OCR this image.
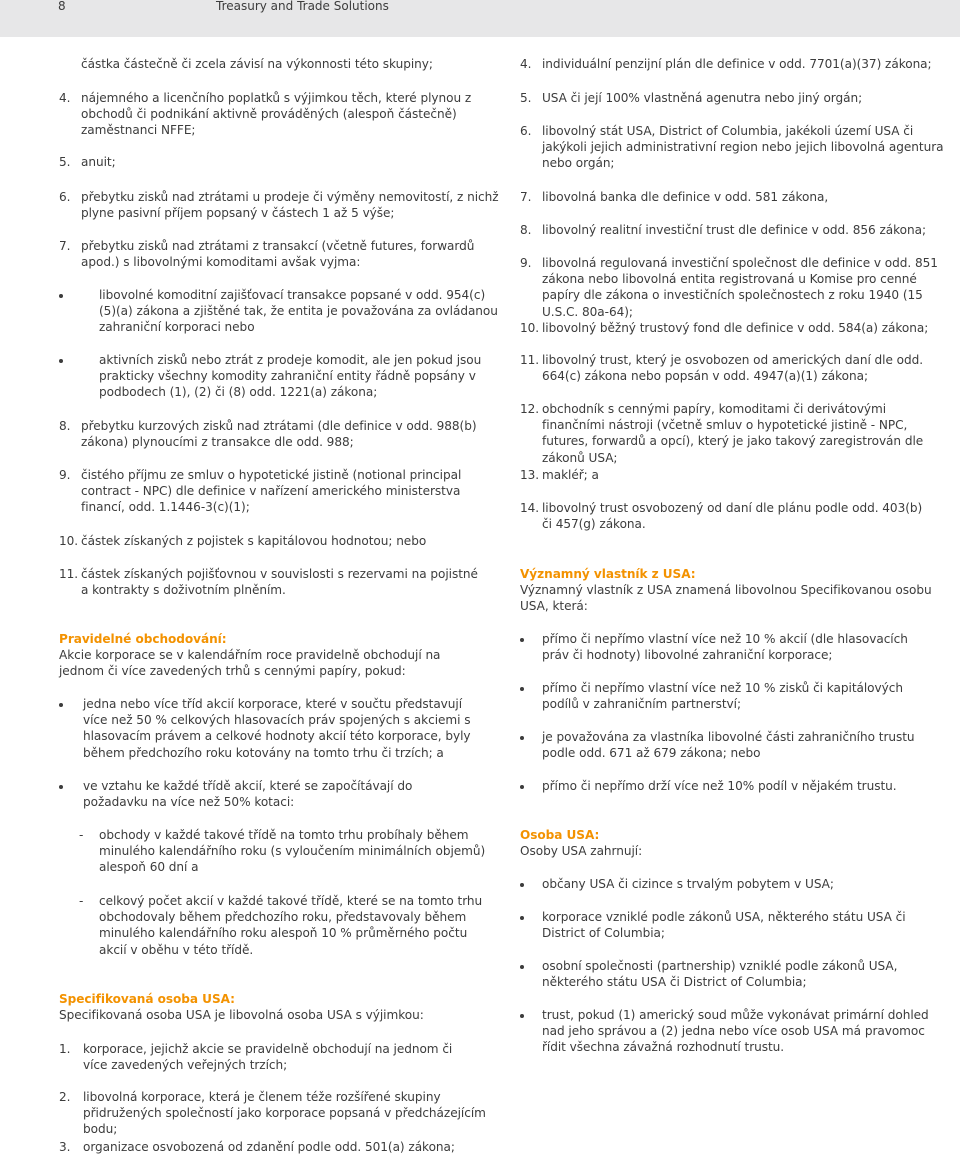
8	Treasury and Trade Solutions
částka částečně či zcela závisí na výkonnosti této skupiny;
4. nájemného a licenčního poplatků s výjimkou těch, které plynou z obchodů či podnikání aktivně prováděných (alespoň částečně) zaměstnanci NFFE;
5. anuit;
6. přebytku zisků nad ztrátami u prodeje či výměny nemovitostí, z nichž plyne pasivní příjem popsaný v částech 1 až 5 výše;
7. přebytku zisků nad ztrátami z transakcí (včetně futures, forwardů apod.) s libovolnými komoditami avšak vyjma:
libovolné komoditní zajišťovací transakce popsané v odd. 954(c) (5)(a) zákona a zjištěné tak, že entita je považována za ovládanou zahraniční korporaci nebo
aktivních zisků nebo ztrát z prodeje komodit, ale jen pokud jsou prakticky všechny komodity zahraniční entity řádně popsány v podbodech (1), (2) či (8) odd. 1221(a) zákona;
8. přebytku kurzových zisků nad ztrátami (dle definice v odd. 988(b) zákona) plynoucími z transakce dle odd. 988;
9. čistého příjmu ze smluv o hypotetické jistině (notional principal contract - NPC) dle definice v nařízení amerického ministerstva financí, odd. 1.1446-3(c)(1);
10. částek získaných z pojistek s kapitálovou hodnotou; nebo
11. částek získaných pojišťovnou v souvislosti s rezervami na pojistné a kontrakty s doživotním plněním.
Pravidelné obchodování:
Akcie korporace se v kalendářním roce pravidelně obchodují na jednom či více zavedených trhů s cennými papíry, pokud:
jedna nebo více tříd akcií korporace, které v součtu představují více než 50 % celkových hlasovacích práv spojených s akciemi s hlasovacím právem a celkové hodnoty akcií této korporace, byly během předchozího roku kotovány na tomto trhu či trzích; a
ve vztahu ke každé třídě akcií, které se započítávají do požadavku na více než 50% kotaci:
- obchody v každé takové třídě na tomto trhu probíhaly během minulého kalendářního roku (s vyloučením minimálních objemů) alespoň 60 dní a
- celkový počet akcií v každé takové třídě, které se na tomto trhu obchodovaly během předchozího roku, představovaly během minulého kalendářního roku alespoň 10 % průměrného počtu akcií v oběhu v této třídě.
Specifikovaná osoba USA:
Specifikovaná osoba USA je libovolná osoba USA s výjimkou:
1. korporace, jejichž akcie se pravidelně obchodují na jednom či více zavedených veřejných trzích;
2. libovolná korporace, která je členem téže rozšířené skupiny přidružených společností jako korporace popsaná v předcházejícím bodu;
3. organizace osvobozená od zdanění podle odd. 501(a) zákona;
4. individuální penzijní plán dle definice v odd. 7701(a)(37) zákona;
5. USA či její 100% vlastněná agenutra nebo jiný orgán;
6. libovolný stát USA, District of Columbia, jakékoli území USA či jakýkoli jejich administrativní region nebo jejich libovolná agentura nebo orgán;
7. libovolná banka dle definice v odd. 581 zákona,
8. libovolný realitní investiční trust dle definice v odd. 856 zákona;
9. libovolná regulovaná investiční společnost dle definice v odd. 851 zákona nebo libovolná entita registrovaná u Komise pro cenné papíry dle zákona o investičních společnostech z roku 1940 (15 U.S.C. 80a-64);
10. libovolný běžný trustový fond dle definice v odd. 584(a) zákona;
11. libovolný trust, který je osvobozen od amerických daní dle odd. 664(c) zákona nebo popsán v odd. 4947(a)(1) zákona;
12. obchodník s cennými papíry, komoditami či derivátovými finančními nástroji (včetně smluv o hypotetické jistině - NPC, futures, forwardů a opcí), který je jako takový zaregistrován dle zákonů USA;
13. makléř; a
14. libovolný trust osvobozený od daní dle plánu podle odd. 403(b) či 457(g) zákona.
Významný vlastník z USA:
Významný vlastník z USA znamená libovolnou Specifikovanou osobu USA, která:
přímo či nepřímo vlastní více než 10 % akcií (dle hlasovacích práv či hodnoty) libovolné zahraniční korporace;
přímo či nepřímo vlastní více než 10 % zisků či kapitálových podílů v zahraničním partnerství;
je považována za vlastníka libovolné části zahraničního trustu podle odd. 671 až 679 zákona; nebo
přímo či nepřímo drží více než 10% podíl v nějakém trustu.
Osoba USA:
Osoby USA zahrnují:
občany USA či cizince s trvalým pobytem v USA;
korporace vzniklé podle zákonů USA, některého státu USA či District of Columbia;
osobní společnosti (partnership) vzniklé podle zákonů USA, některého státu USA či District of Columbia;
trust, pokud (1) americký soud může vykonávat primární dohled nad jeho správou a (2) jedna nebo více osob USA má pravomoc řídit všechna závažná rozhodnutí trustu.
